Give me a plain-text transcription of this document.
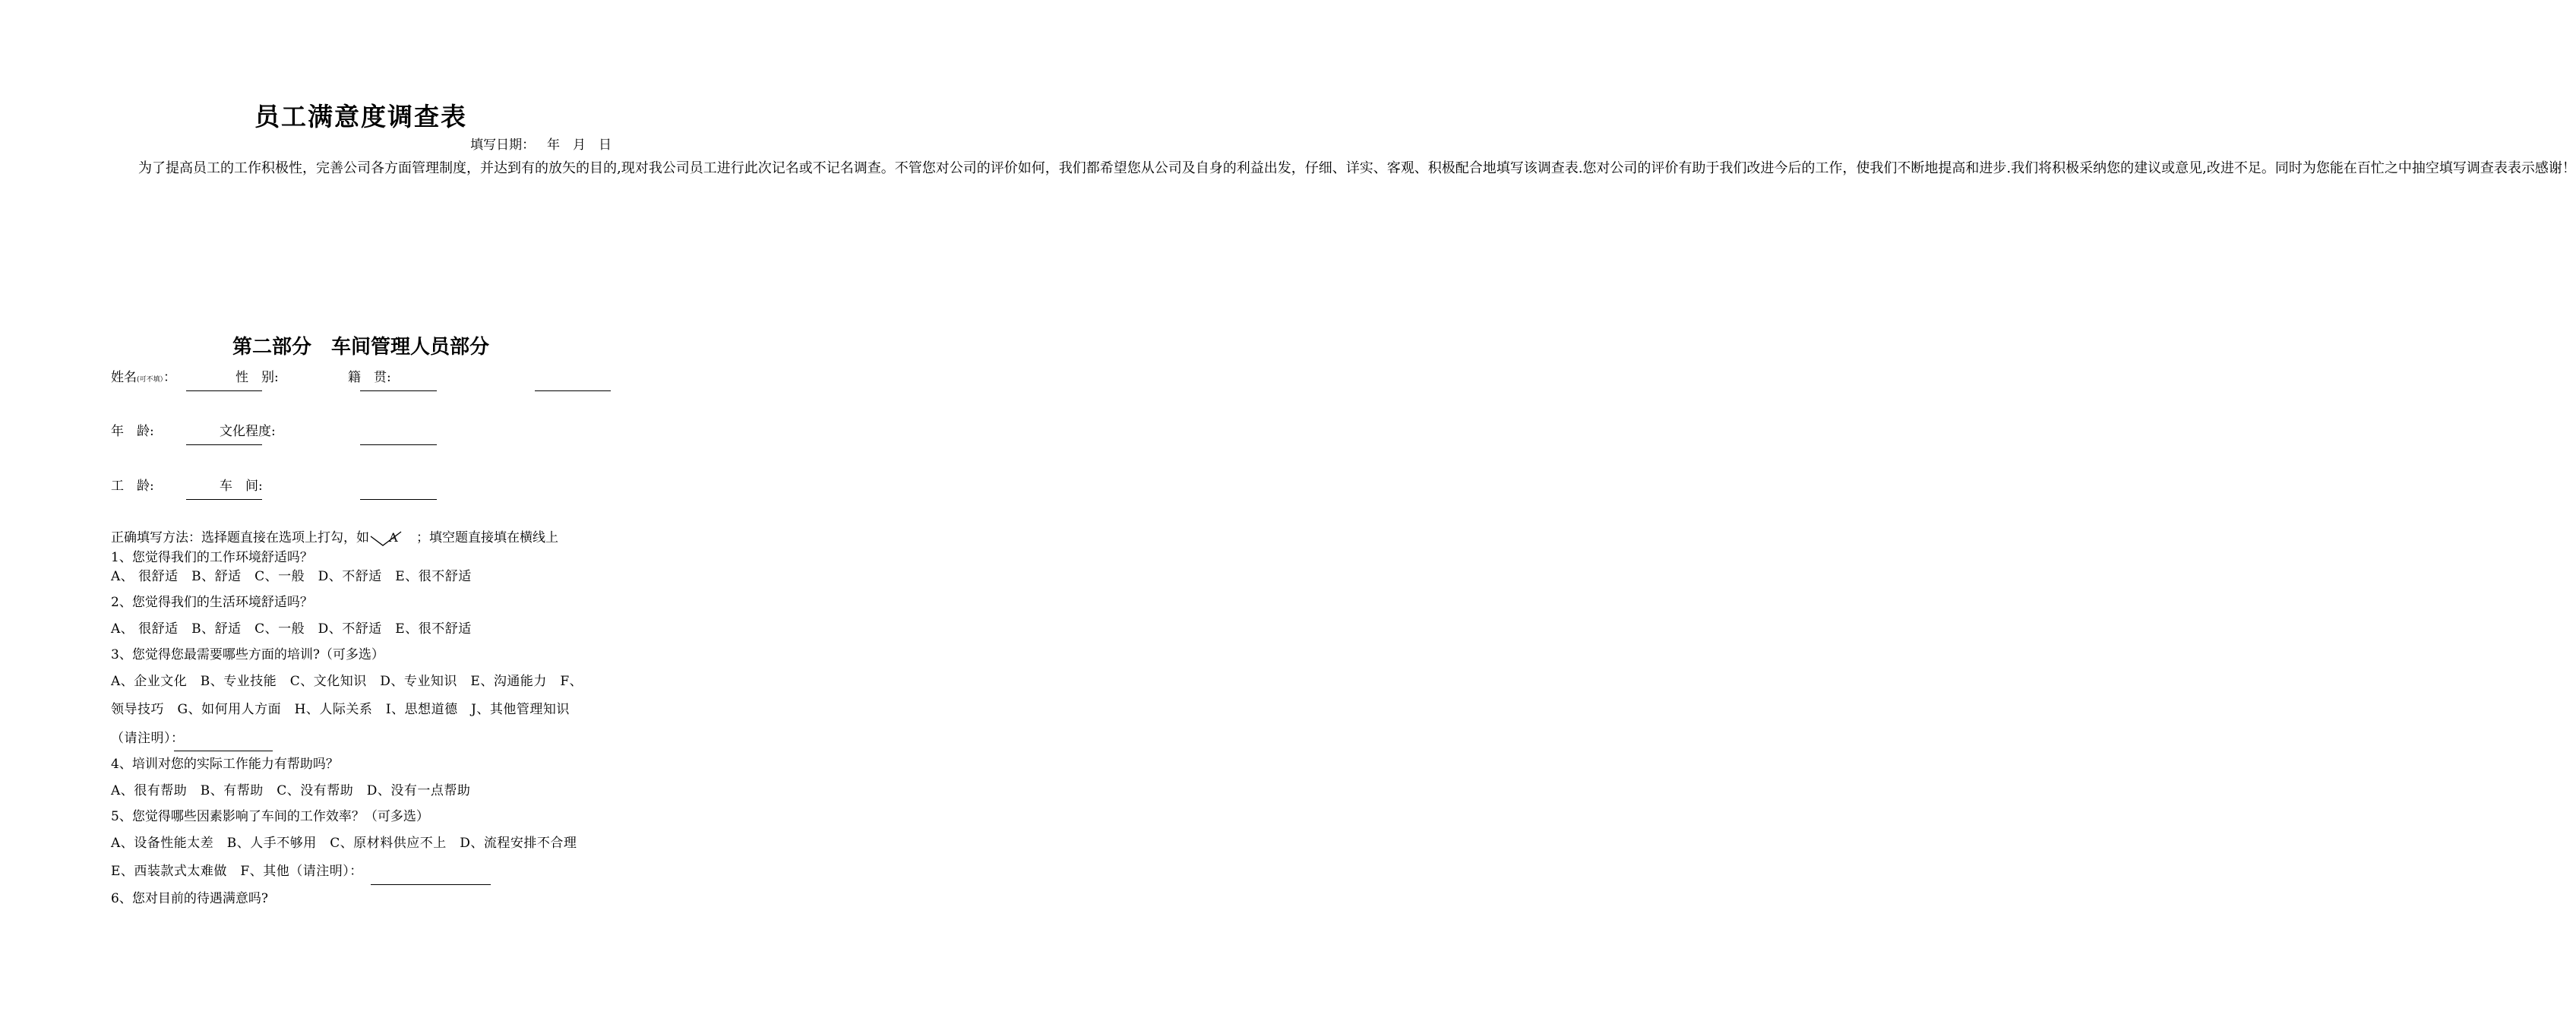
员工满意度调查表
填写日期：　 年　月　日

为了提高员工的工作积极性，完善公司各方面管理制度，并达到有的放矢的目的,现对我公司员工进行此次记名或不记名调查。不管您对公司的评价如何，我们都希望您从公司及自身的利益出发，仔细、详实、客观、积极配合地填写该调查表.您对公司的评价有助于我们改进今后的工作，使我们不断地提高和进步.我们将积极采纳您的建议或意见,改进不足。同时为您能在百忙之中抽空填写调查表表示感谢！

第二部分　车间管理人员部分
姓名(可不填）：	性　别:	籍　贯:
年　龄:	文化程度:
工　龄:	车　间:
正确填写方法：选择题直接在选项上打勾，如 A ；填空题直接填在横线上
1、您觉得我们的工作环境舒适吗？
A、 很舒适　B、舒适　C、一般　D、不舒适　E、很不舒适
2、您觉得我们的生活环境舒适吗？
A、 很舒适　B、舒适　C、一般　D、不舒适　E、很不舒适
3、您觉得您最需要哪些方面的培训?（可多选）
A、企业文化　B、专业技能　C、文化知识　D、专业知识　E、沟通能力　F、
领导技巧　G、如何用人方面　H、人际关系　I、思想道德　J、其他管理知识
（请注明）：
4、培训对您的实际工作能力有帮助吗？
A、很有帮助　B、有帮助　C、没有帮助　D、没有一点帮助
5、您觉得哪些因素影响了车间的工作效率？（可多选）
A、设备性能太差　B、人手不够用　C、原材料供应不上　D、流程安排不合理
E、西装款式太难做　F、其他（请注明）：
6、您对目前的待遇满意吗?
